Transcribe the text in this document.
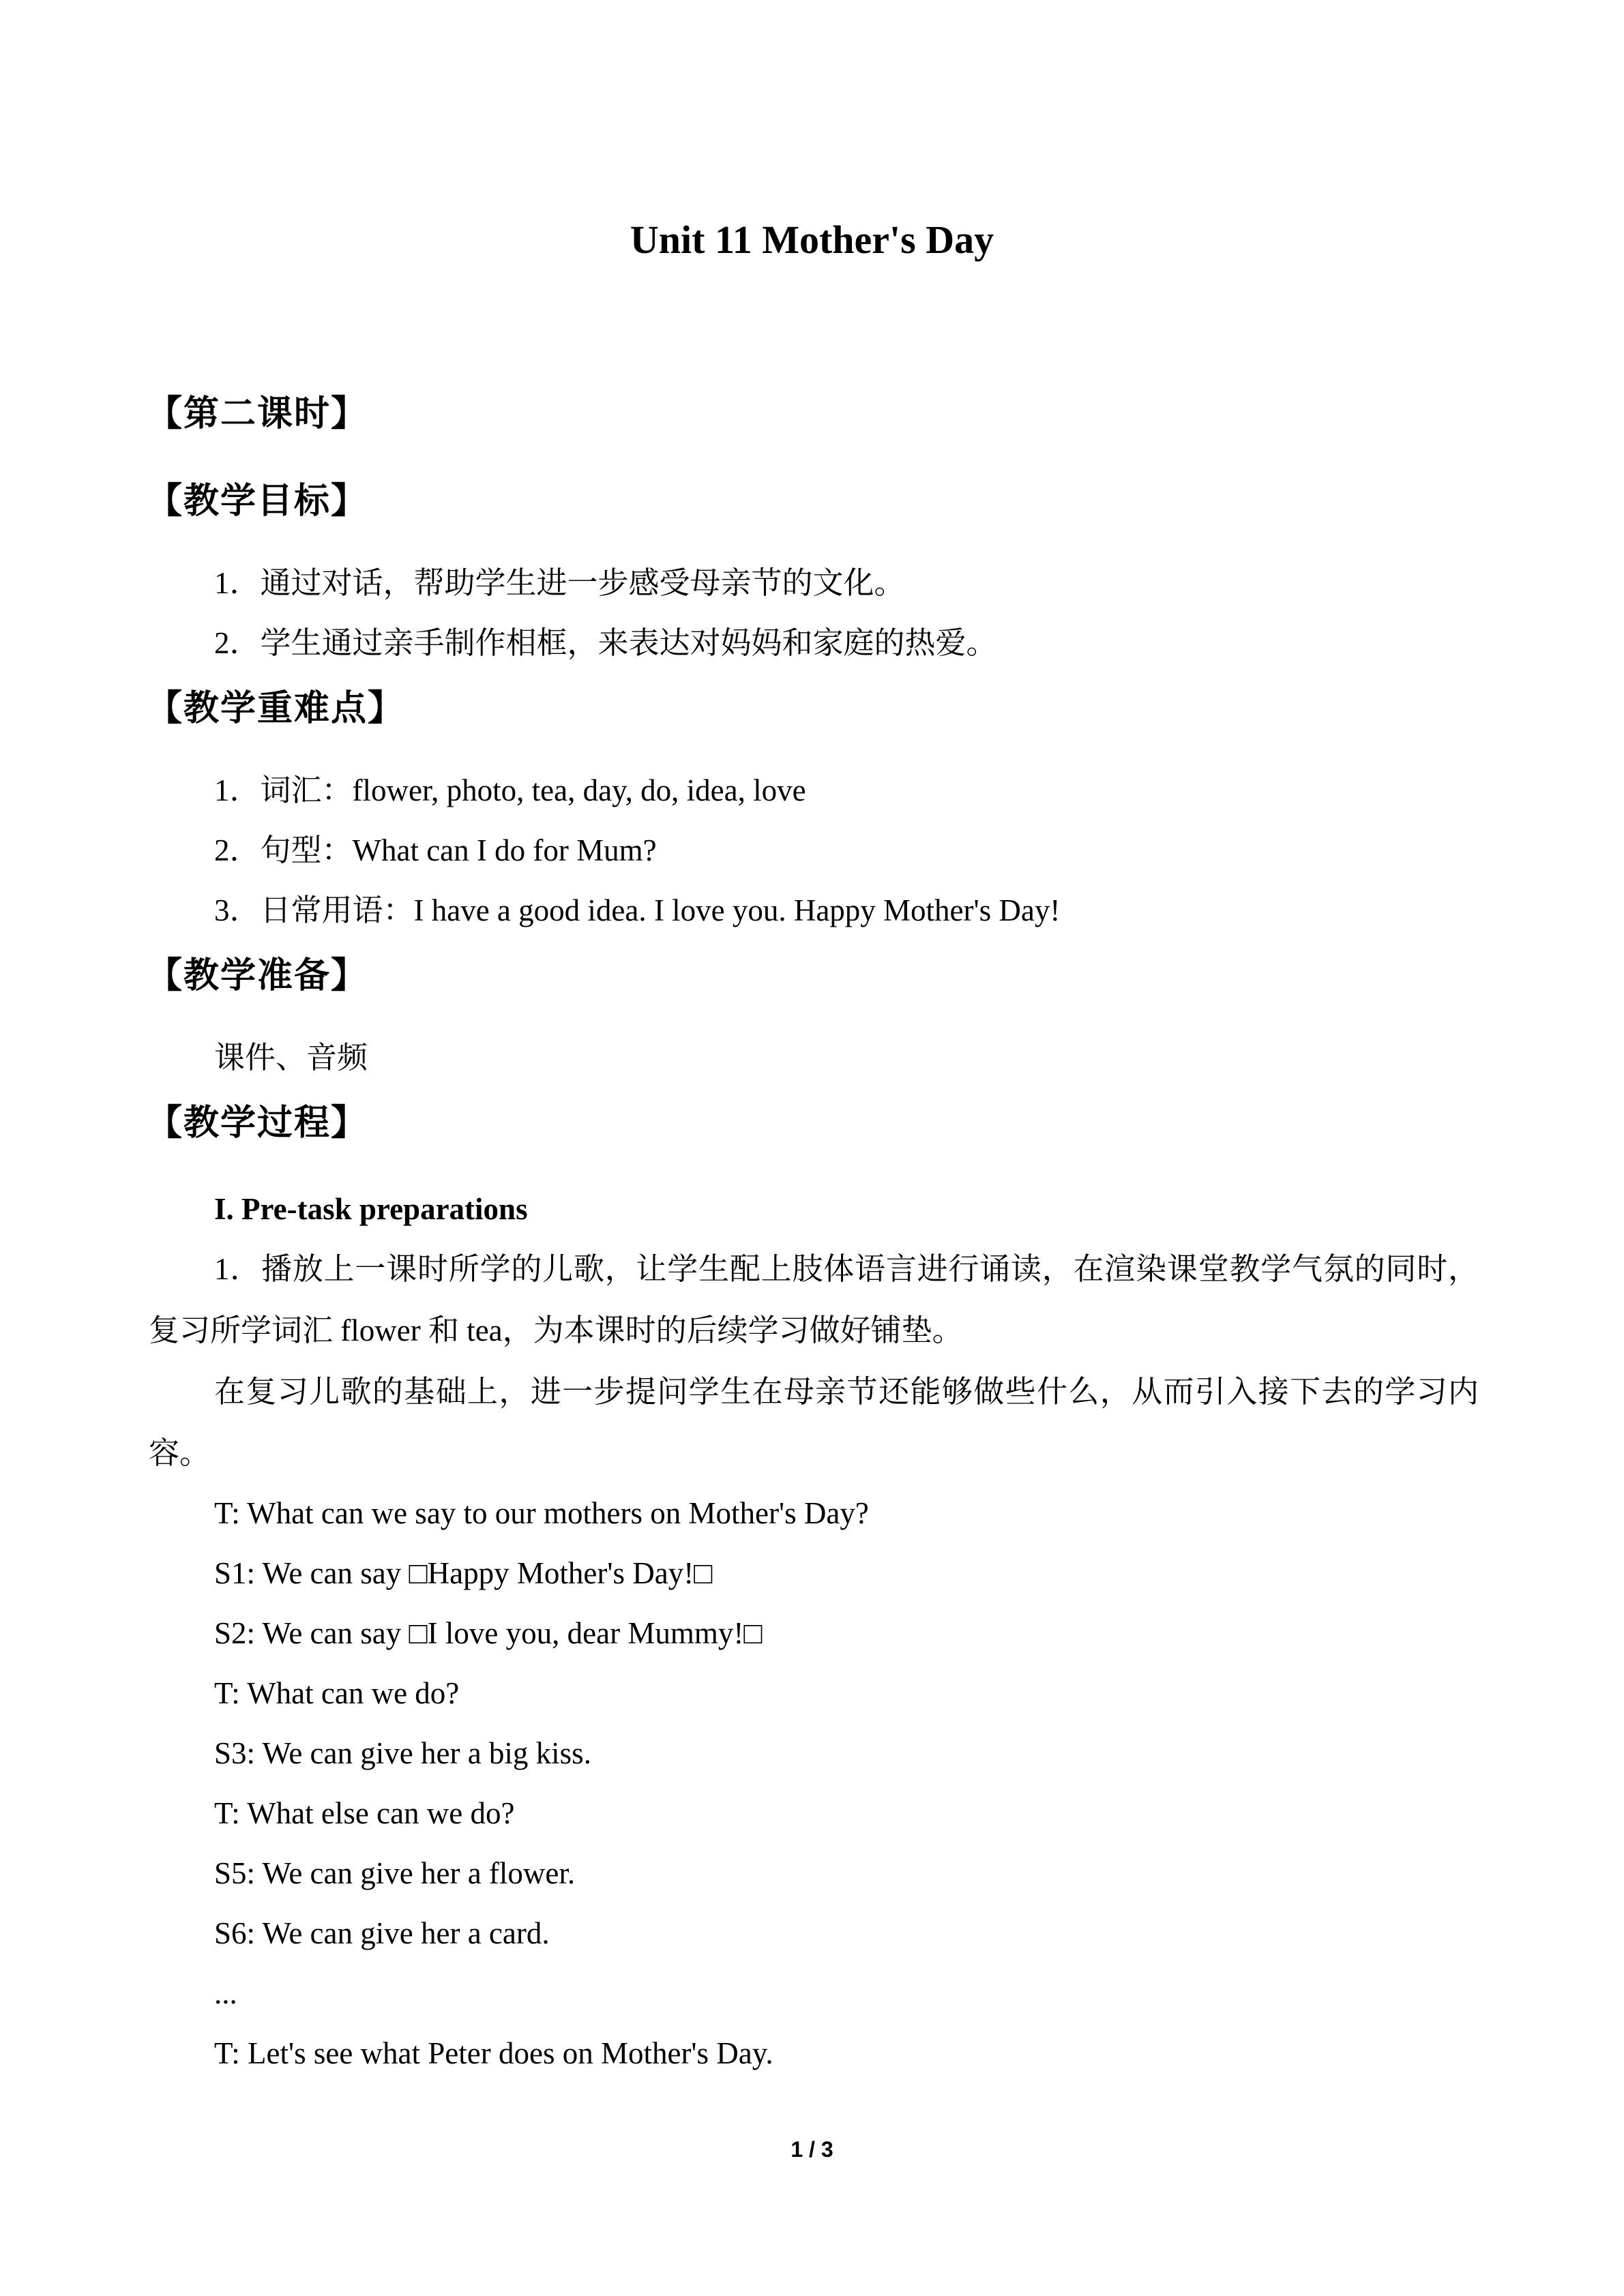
Unit 11 Mother's Day
【第二课时】
【教学目标】
1．通过对话，帮助学生进一步感受母亲节的文化。
2．学生通过亲手制作相框，来表达对妈妈和家庭的热爱。
【教学重难点】
1．词汇：flower, photo, tea, day, do, idea, love
2．句型：What can I do for Mum?
3．日常用语：I have a good idea. I love you. Happy Mother's Day!
【教学准备】
课件、音频
【教学过程】
I. Pre-task preparations
1．播放上一课时所学的儿歌，让学生配上肢体语言进行诵读，在渲染课堂教学气氛的同时，复习所学词汇 flower 和 tea，为本课时的后续学习做好铺垫。
在复习儿歌的基础上，进一步提问学生在母亲节还能够做些什么，从而引入接下去的学习内容。
T: What can we say to our mothers on Mother's Day?
S1: We can say □Happy Mother's Day!□
S2: We can say □I love you, dear Mummy!□
T: What can we do?
S3: We can give her a big kiss.
T: What else can we do?
S5: We can give her a flower.
S6: We can give her a card.
...
T: Let's see what Peter does on Mother's Day.
1 / 3
